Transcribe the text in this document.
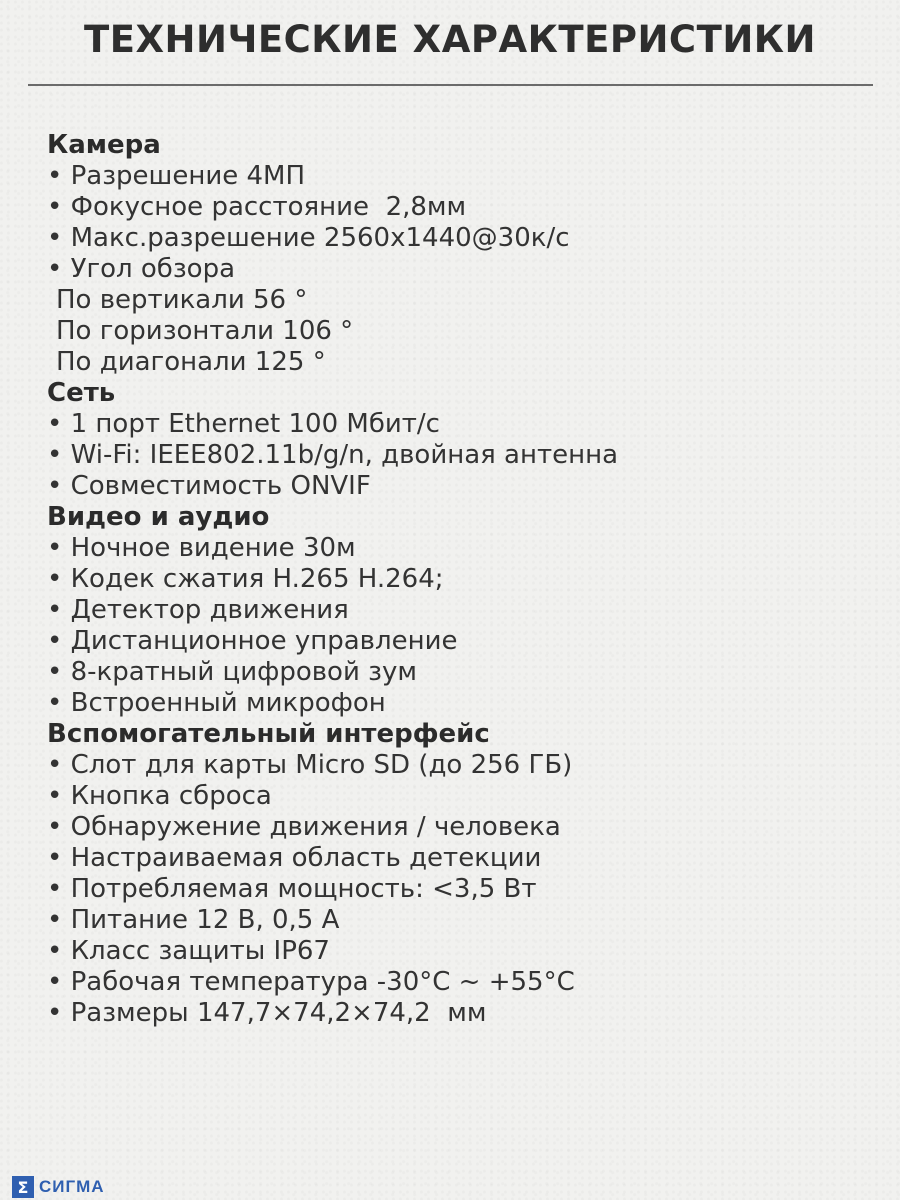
ТЕХНИЧЕСКИЕ ХАРАКТЕРИСТИКИ
Камера
• Разрешение 4МП
• Фокусное расстояние  2,8мм
• Макс.разрешение 2560x1440@30к/с
• Угол обзора
По вертикали 56 °
По горизонтали 106 °
По диагонали 125 °
Сеть
• 1 порт Ethernet 100 Мбит/с
• Wi-Fi: IEEE802.11b/g/n, двойная антенна
• Совместимость ONVIF
Видео и аудио
• Ночное видение 30м
• Кодек сжатия H.265 H.264;
• Детектор движения
• Дистанционное управление
• 8-кратный цифровой зум
• Встроенный микрофон
Вспомогательный интерфейс
• Слот для карты Micro SD (до 256 ГБ)
• Кнопка сброса
• Обнаружение движения / человека
• Настраиваемая область детекции
• Потребляемая мощность: <3,5 Вт
• Питание 12 В, 0,5 А
• Класс защиты IP67
• Рабочая температура -30°C ~ +55°C
• Размеры 147,7×74,2×74,2  мм
Σ СИГМА
